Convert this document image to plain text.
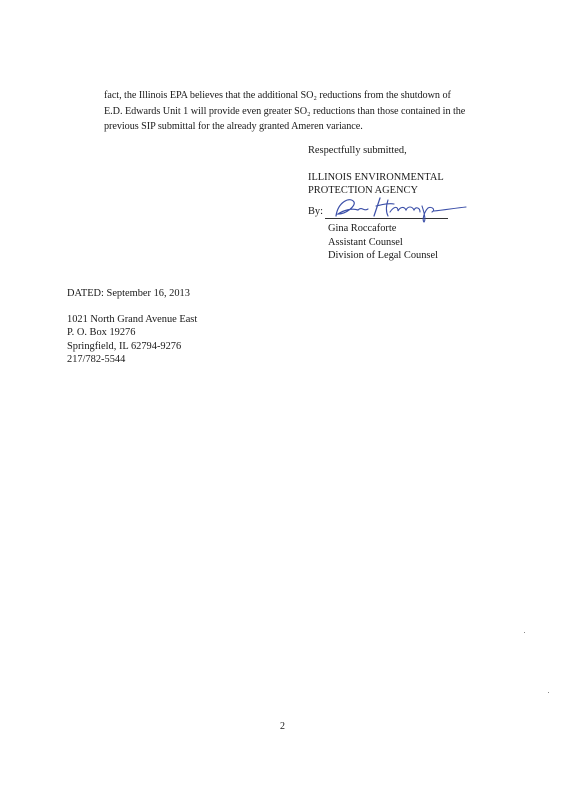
fact, the Illinois EPA believes that the additional SO₂ reductions from the shutdown of
E.D. Edwards Unit 1 will provide even greater SO₂ reductions than those contained in the
previous SIP submittal for the already granted Ameren variance.
Respectfully submitted,
ILLINOIS ENVIRONMENTAL
PROTECTION AGENCY
By:
Gina Roccaforte
Assistant Counsel
Division of Legal Counsel
DATED: September 16, 2013
1021 North Grand Avenue East
P. O. Box 19276
Springfield, IL 62794-9276
217/782-5544
2
